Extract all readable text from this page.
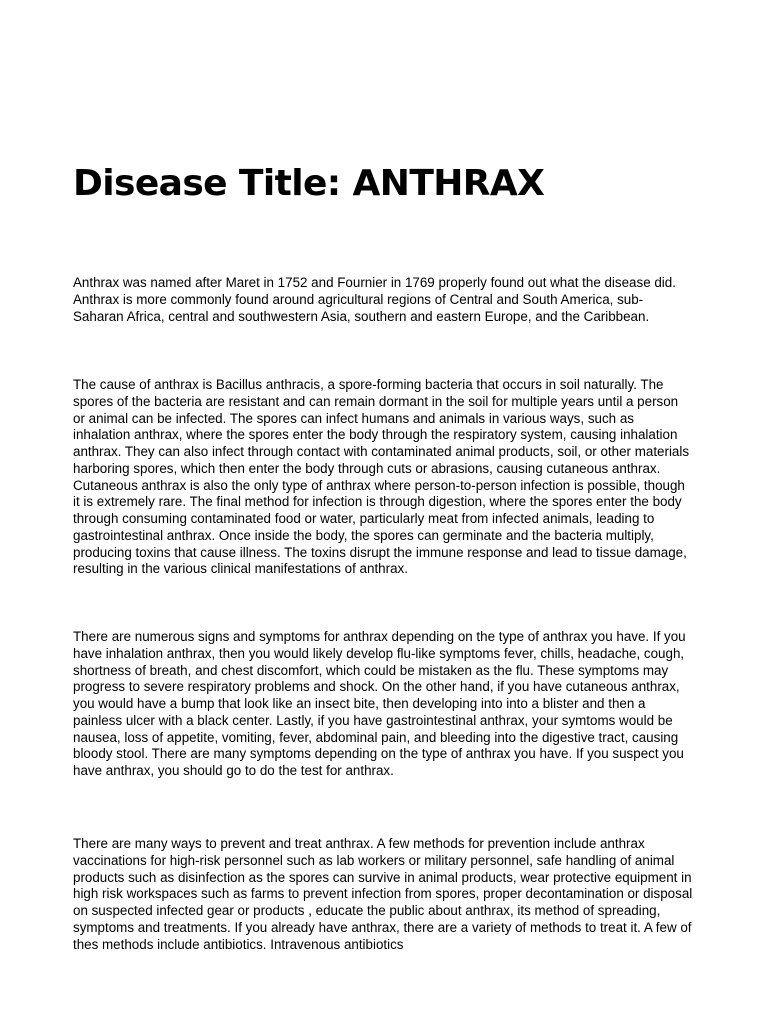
Disease Title: ANTHRAX

Anthrax was named after Maret in 1752 and Fournier in 1769 properly found out what the disease did. Anthrax is more commonly found around agricultural regions of Central and South America, sub-Saharan Africa, central and southwestern Asia, southern and eastern Europe, and the Caribbean.

The cause of anthrax is Bacillus anthracis, a spore-forming bacteria that occurs in soil naturally. The spores of the bacteria are resistant and can remain dormant in the soil for multiple years until a person or animal can be infected. The spores can infect humans and animals in various ways, such as inhalation anthrax, where the spores enter the body through the respiratory system, causing inhalation anthrax. They can also infect through contact with contaminated animal products, soil, or other materials harboring spores, which then enter the body through cuts or abrasions, causing cutaneous anthrax. Cutaneous anthrax is also the only type of anthrax where person-to-person infection is possible, though it is extremely rare. The final method for infection is through digestion, where the spores enter the body through consuming contaminated food or water, particularly meat from infected animals, leading to gastrointestinal anthrax. Once inside the body, the spores can germinate and the bacteria multiply, producing toxins that cause illness. The toxins disrupt the immune response and lead to tissue damage, resulting in the various clinical manifestations of anthrax.

There are numerous signs and symptoms for anthrax depending on the type of anthrax you have. If you have inhalation anthrax, then you would likely develop flu-like symptoms fever, chills, headache, cough, shortness of breath, and chest discomfort, which could be mistaken as the flu. These symptoms may progress to severe respiratory problems and shock. On the other hand, if you have cutaneous anthrax, you would have a bump that look like an insect bite, then developing into into a blister and then a painless ulcer with a black center. Lastly, if you have gastrointestinal anthrax, your symtoms would be nausea, loss of appetite, vomiting, fever, abdominal pain, and bleeding into the digestive tract, causing bloody stool. There are many symptoms depending on the type of anthrax you have. If you suspect you have anthrax, you should go to do the test for anthrax.

There are many ways to prevent and treat anthrax. A few methods for prevention include anthrax vaccinations for high-risk personnel such as lab workers or military personnel, safe handling of animal products such as disinfection as the spores can survive in animal products, wear protective equipment in high risk workspaces such as farms to prevent infection from spores, proper decontamination or disposal on suspected infected gear or products , educate the public about anthrax, its method of spreading, symptoms and treatments. If you already have anthrax, there are a variety of methods to treat it. A few of thes methods include antibiotics. Intravenous antibiotics
